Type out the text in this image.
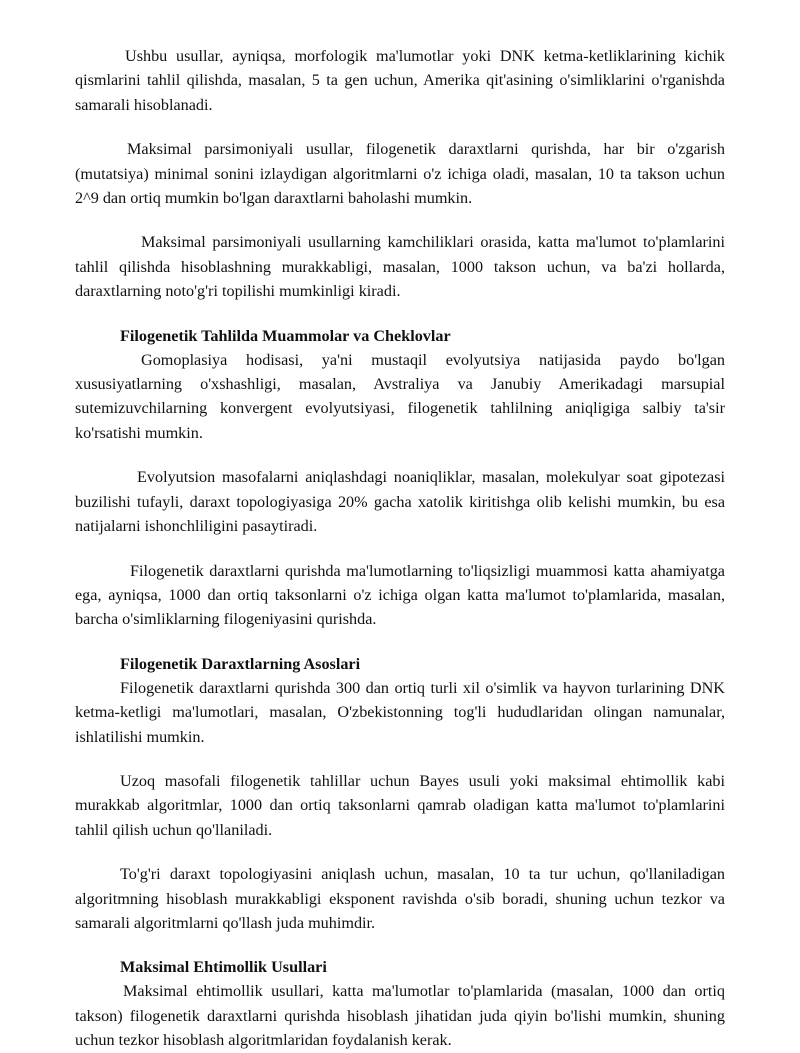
Ushbu usullar, ayniqsa, morfologik ma'lumotlar yoki DNK ketma-ketliklarining kichik qismlarini tahlil qilishda, masalan, 5 ta gen uchun, Amerika qit'asining o'simliklarini o'rganishda samarali hisoblanadi.

Maksimal parsimoniyali usullar, filogenetik daraxtlarni qurishda, har bir o'zgarish (mutatsiya) minimal sonini izlaydigan algoritmlarni o'z ichiga oladi, masalan, 10 ta takson uchun 2^9 dan ortiq mumkin bo'lgan daraxtlarni baholashi mumkin.

Maksimal parsimoniyali usullarning kamchiliklari orasida, katta ma'lumot to'plamlarini tahlil qilishda hisoblashning murakkabligi, masalan, 1000 takson uchun, va ba'zi hollarda, daraxtlarning noto'g'ri topilishi mumkinligi kiradi.

Filogenetik Tahlilda Muammolar va Cheklovlar

Gomoplasiya hodisasi, ya'ni mustaqil evolyutsiya natijasida paydo bo'lgan xususiyatlarning o'xshashligi, masalan, Avstraliya va Janubiy Amerikadagi marsupial sutemizuvchilarning konvergent evolyutsiyasi, filogenetik tahlilning aniqligiga salbiy ta'sir ko'rsatishi mumkin.

Evolyutsion masofalarni aniqlashdagi noaniqliklar, masalan, molekulyar soat gipotezasi buzilishi tufayli, daraxt topologiyasiga 20% gacha xatolik kiritishga olib kelishi mumkin, bu esa natijalarni ishonchliligini pasaytiradi.

Filogenetik daraxtlarni qurishda ma'lumotlarning to'liqsizligi muammosi katta ahamiyatga ega, ayniqsa, 1000 dan ortiq taksonlarni o'z ichiga olgan katta ma'lumot to'plamlarida, masalan, barcha o'simliklarning filogeniyasini qurishda.

Filogenetik Daraxtlarning Asoslari

Filogenetik daraxtlarni qurishda 300 dan ortiq turli xil o'simlik va hayvon turlarining DNK ketma-ketligi ma'lumotlari, masalan, O'zbekistonning tog'li hududlaridan olingan namunalar, ishlatilishi mumkin.

Uzoq masofali filogenetik tahlillar uchun Bayes usuli yoki maksimal ehtimollik kabi murakkab algoritmlar, 1000 dan ortiq taksonlarni qamrab oladigan katta ma'lumot to'plamlarini tahlil qilish uchun qo'llaniladi.

To'g'ri daraxt topologiyasini aniqlash uchun, masalan, 10 ta tur uchun, qo'llaniladigan algoritmning hisoblash murakkabligi eksponent ravishda o'sib boradi, shuning uchun tezkor va samarali algoritmlarni qo'llash juda muhimdir.

Maksimal Ehtimollik Usullari

Maksimal ehtimollik usullari, katta ma'lumotlar to'plamlarida (masalan, 1000 dan ortiq takson) filogenetik daraxtlarni qurishda hisoblash jihatidan juda qiyin bo'lishi mumkin, shuning uchun tezkor hisoblash algoritmlaridan foydalanish kerak.
